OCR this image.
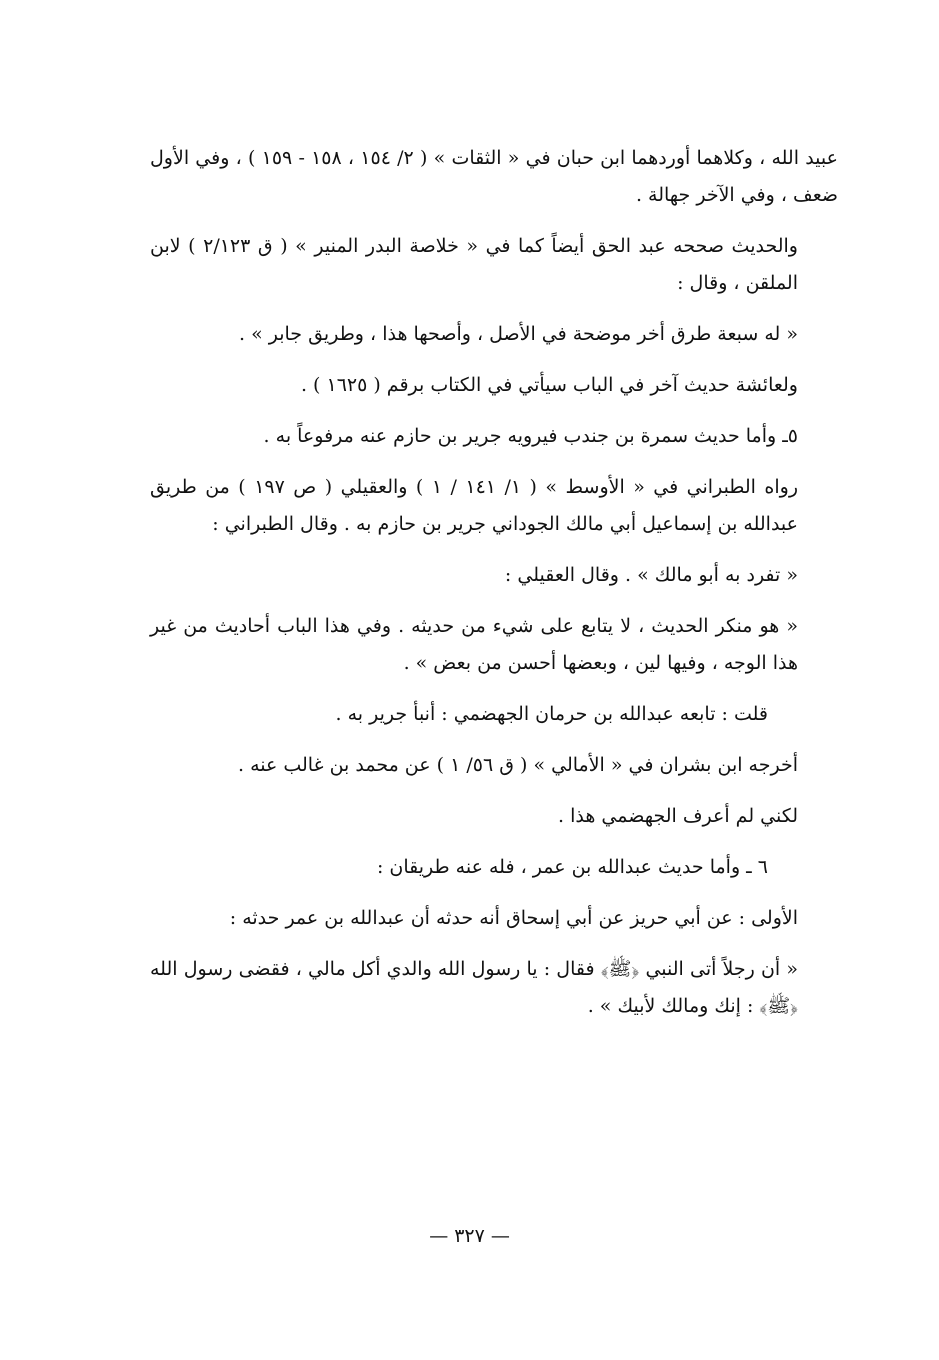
عبيد الله ، وكلاهما أوردهما ابن حبان في « الثقات » ( ٢/ ١٥٤ ، ١٥٨ - ١٥٩ ) ، وفي الأول ضعف ، وفي الآخر جهالة .

والحديث صححه عبد الحق أيضاً كما في « خلاصة البدر المنير » ( ق ٢/١٢٣ ) لابن الملقن ، وقال :

« له سبعة طرق أخر موضحة في الأصل ، وأصحها هذا ، وطريق جابر » .

ولعائشة حديث آخر في الباب سيأتي في الكتاب برقم ( ١٦٢٥ ) .

٥ـ وأما حديث سمرة بن جندب فيرويه جرير بن حازم عنه مرفوعاً به .

رواه الطبراني في « الأوسط » ( ١/ ١٤١ / ١ ) والعقيلي ( ص ١٩٧ ) من طريق عبدالله بن إسماعيل أبي مالك الجوداني جرير بن حازم به . وقال الطبراني :

« تفرد به أبو مالك » . وقال العقيلي :

« هو منكر الحديث ، لا يتابع على شيء من حديثه . وفي هذا الباب أحاديث من غير هذا الوجه ، وفيها لين ، وبعضها أحسن من بعض » .

قلت : تابعه عبدالله بن حرمان الجهضمي : أنبأ جرير به .

أخرجه ابن بشران في « الأمالي » ( ق ٥٦/ ١ ) عن محمد بن غالب عنه .

لكني لم أعرف الجهضمي هذا .

٦ ـ وأما حديث عبدالله بن عمر ، فله عنه طريقان :

الأولى : عن أبي حريز عن أبي إسحاق أنه حدثه أن عبدالله بن عمر حدثه :

« أن رجلاً أتى النبي ﴿ﷺ﴾ فقال : يا رسول الله والدي أكل مالي ، فقضى رسول الله ﴿ﷺ﴾ : إنك ومالك لأبيك » .

—٣٢٧—
